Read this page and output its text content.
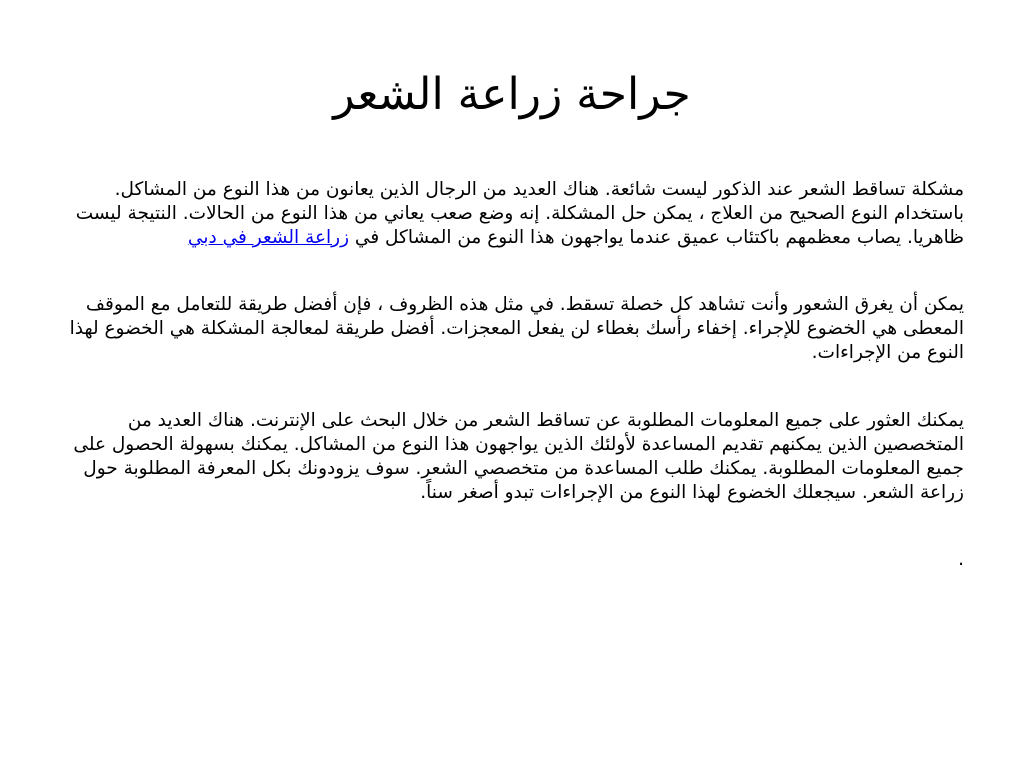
جراحة زراعة الشعر

مشكلة تساقط الشعر عند الذكور ليست شائعة. هناك العديد من الرجال الذين يعانون من هذا النوع من المشاكل. باستخدام النوع الصحيح من العلاج ، يمكن حل المشكلة. إنه وضع صعب يعاني من هذا النوع من الحالات. النتيجة ليست ظاهريا. يصاب معظمهم باكتئاب عميق عندما يواجهون هذا النوع من المشاكل في زراعة الشعر في دبي

يمكن أن يغرق الشعور وأنت تشاهد كل خصلة تسقط. في مثل هذه الظروف ، فإن أفضل طريقة للتعامل مع الموقف المعطى هي الخضوع للإجراء. إخفاء رأسك بغطاء لن يفعل المعجزات. أفضل طريقة لمعالجة المشكلة هي الخضوع لهذا النوع من الإجراءات.

يمكنك العثور على جميع المعلومات المطلوبة عن تساقط الشعر من خلال البحث على الإنترنت. هناك العديد من المتخصصين الذين يمكنهم تقديم المساعدة لأولئك الذين يواجهون هذا النوع من المشاكل. يمكنك بسهولة الحصول على جميع المعلومات المطلوبة. يمكنك طلب المساعدة من متخصصي الشعر. سوف يزودونك بكل المعرفة المطلوبة حول زراعة الشعر. سيجعلك الخضوع لهذا النوع من الإجراءات تبدو أصغر سناً.

.
